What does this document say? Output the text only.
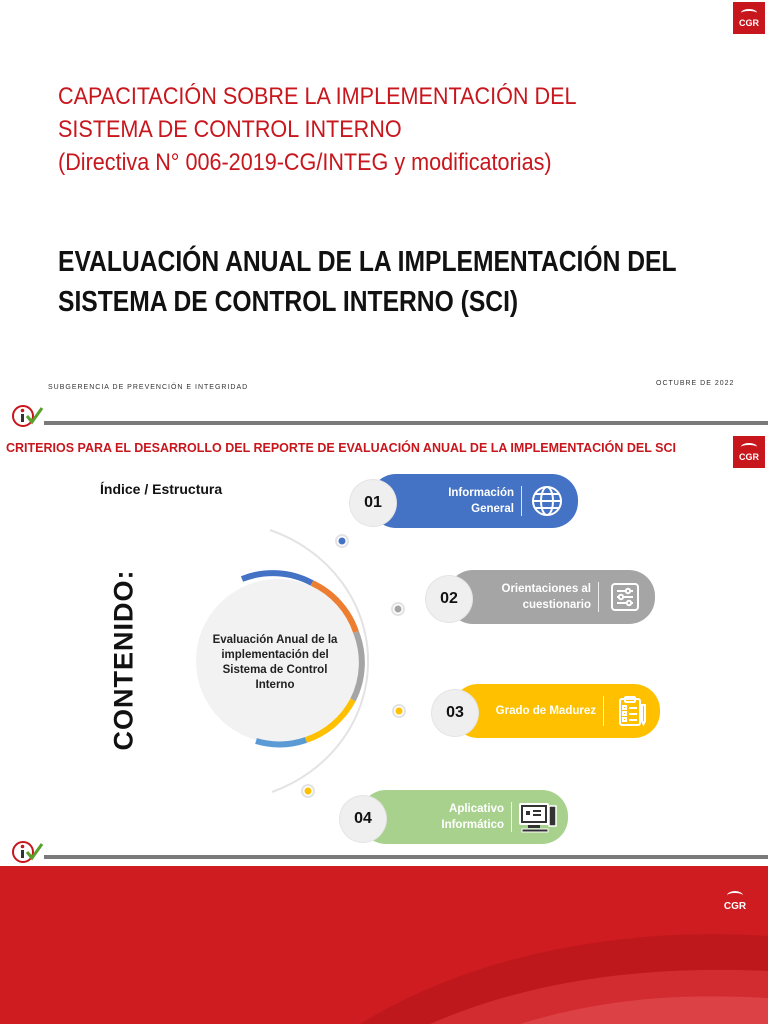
CGR
CAPACITACIÓN SOBRE LA IMPLEMENTACIÓN DEL
SISTEMA DE CONTROL INTERNO
(Directiva N° 006-2019-CG/INTEG y modificatorias)
EVALUACIÓN ANUAL DE LA IMPLEMENTACIÓN DEL
SISTEMA DE CONTROL INTERNO (SCI)
SUBGERENCIA DE PREVENCIÓN E INTEGRIDAD
OCTUBRE DE 2022
CRITERIOS PARA EL DESARROLLO DEL REPORTE DE EVALUACIÓN ANUAL DE LA IMPLEMENTACIÓN DEL SCI
CGR
Índice / Estructura
CONTENIDO:	Evaluación Anual de la implementación del Sistema de Control Interno
Información General
01
Orientaciones al cuestionario
02
Grado de Madurez
03
Aplicativo Informático
04
CGR
